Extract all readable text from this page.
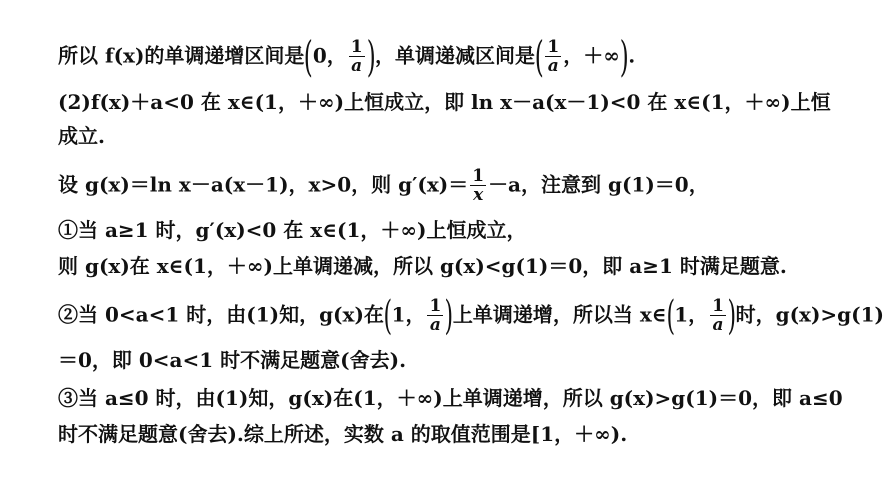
所以 f(x)的单调递增区间是(0， $\frac{1}{a}$ )，单调递减区间是( $\frac{1}{a}$ ，＋∞).
(2)f(x)＋a<0 在 x∈(1，＋∞)上恒成立，即 ln x－a(x－1)<0 在 x∈(1，＋∞)上恒
成立.
设 g(x)＝ln x－a(x－1)，x>0，则 $g'(x)= \frac{1}{x} -a$，注意到 g(1)＝0，
①当 a≥1 时，g′(x)<0 在 x∈(1，＋∞)上恒成立，
则 g(x)在 x∈(1，＋∞)上单调递减，所以 g(x)<g(1)＝0，即 a≥1 时满足题意.
②当 0<a<1 时，由(1)知，g(x)在(1， $\frac{1}{a}$ )上单调递增，所以当 x∈(1， $\frac{1}{a}$ )时，g(x)>g(1)
＝0，即 0<a<1 时不满足题意(舍去).
③当 a≤0 时，由(1)知，g(x)在(1，＋∞)上单调递增，所以 g(x)>g(1)＝0，即 a≤0
时不满足题意(舍去).综上所述，实数 a 的取值范围是[1，＋∞).
